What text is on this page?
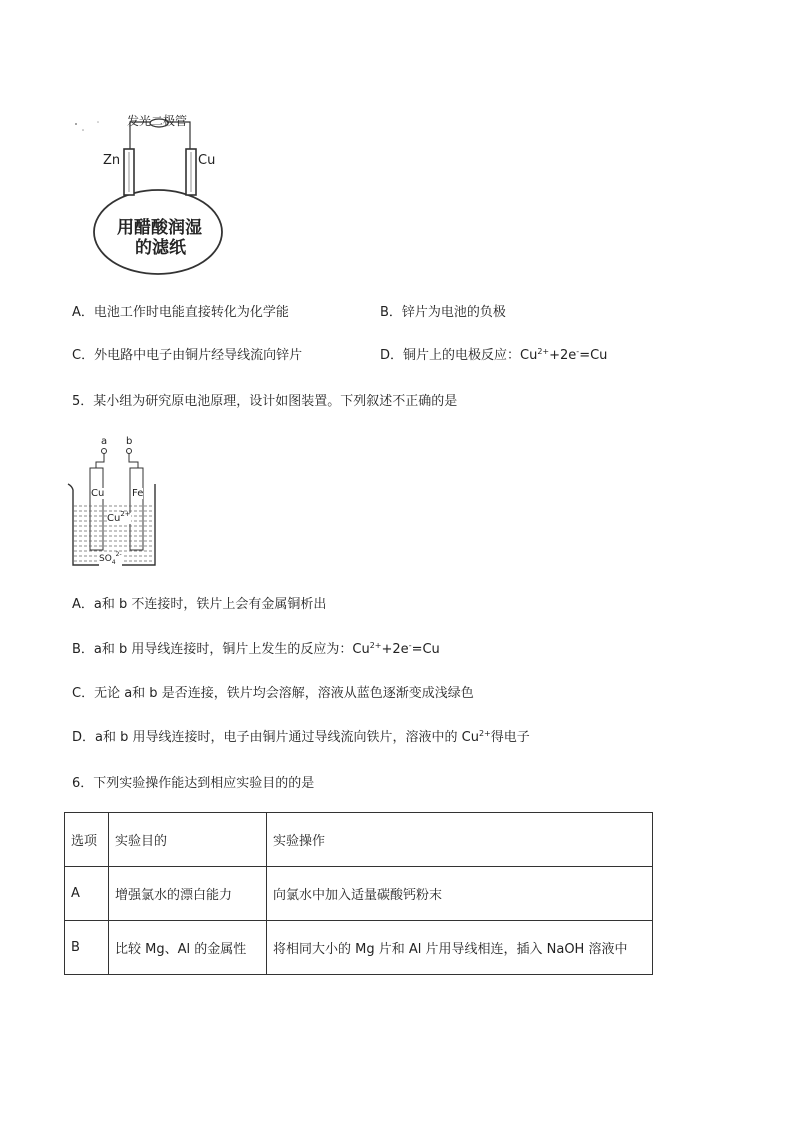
发光二极管
Zn	Cu
用醋酸润湿
的滤纸
A．电池工作时电能直接转化为化学能	B．锌片为电池的负极
C．外电路中电子由铜片经导线流向锌片	D．铜片上的电极反应：$Cu^{2+}+2e^-=Cu$
5．某小组为研究原电池原理，设计如图装置。下列叙述不正确的是
a b
Cu	Fe
$Cu^{2+}$
$SO_4^{2-}$
A．a和 b 不连接时，铁片上会有金属铜析出
B．a和 b 用导线连接时，铜片上发生的反应为：$Cu^{2+}+2e^-=Cu$
C．无论 a和 b 是否连接，铁片均会溶解，溶液从蓝色逐渐变成浅绿色
D．a和 b 用导线连接时，电子由铜片通过导线流向铁片，溶液中的 $Cu^{2+}$得电子
6．下列实验操作能达到相应实验目的的是
选项	实验目的	实验操作
A	增强氯水的漂白能力	向氯水中加入适量碳酸钙粉末
B	比较 Mg、Al 的金属性	将相同大小的 Mg 片和 Al 片用导线相连，插入 NaOH 溶液中
